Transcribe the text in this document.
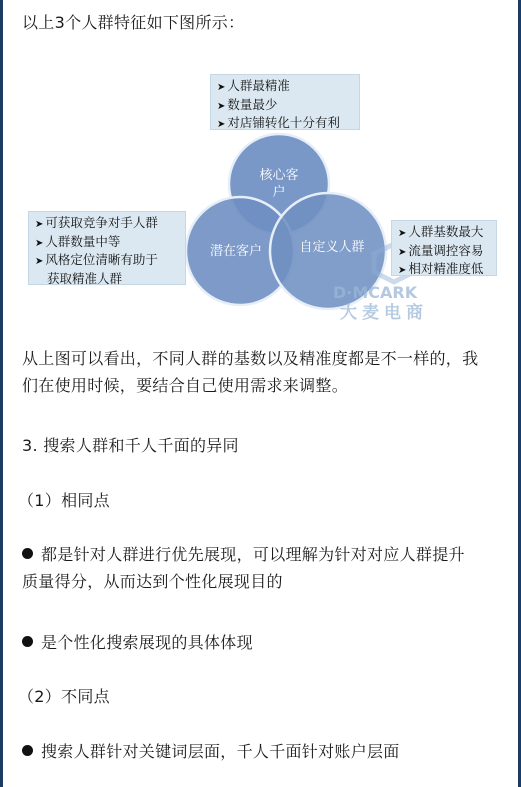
以上3个人群特征如下图所示：

核心客
户
潜在客户	自定义人群
D·MCARK
大麦电商
➤ 人群最精准
➤ 数量最少
➤ 对店铺转化十分有利
➤ 可获取竞争对手人群
➤ 人群数量中等
➤ 风格定位清晰有助于
获取精准人群
➤ 人群基数最大
➤ 流量调控容易
➤ 相对精准度低
从上图可以看出，不同人群的基数以及精准度都是不一样的，我
们在使用时候，要结合自己使用需求来调整。

3. 搜索人群和千人千面的异同

（1）相同点

都是针对人群进行优先展现，可以理解为针对对应人群提升
质量得分，从而达到个性化展现目的
是个性化搜索展现的具体体现

（2）不同点

搜索人群针对关键词层面，千人千面针对账户层面
